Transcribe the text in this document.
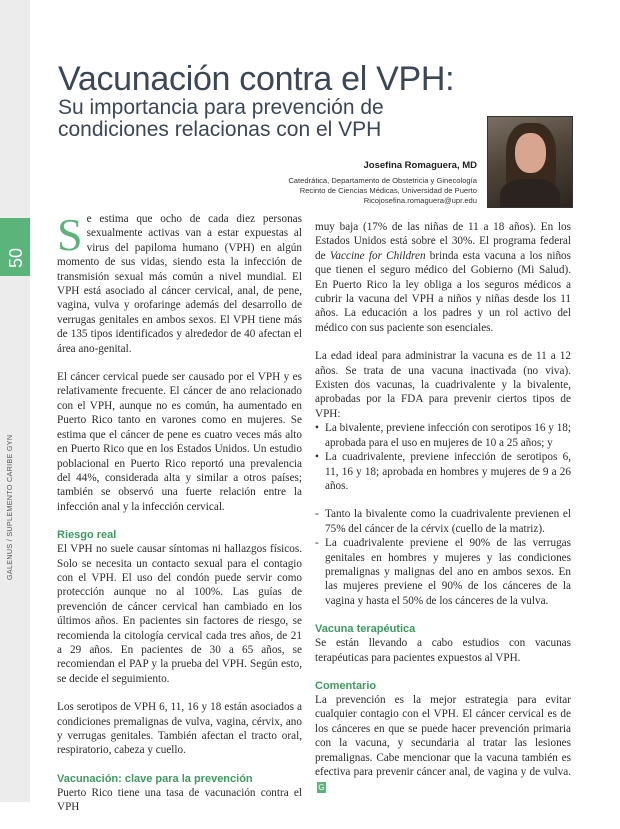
50
GALENUS / SUPLEMENTO CARIBE GYN
Vacunación contra el VPH:
Su importancia para prevención de condiciones relacionas con el VPH
Josefina Romaguera, MD
Catedrática, Departamento de Obstetricia y Ginecología
Recinto de Ciencias Médicas, Universidad de Puerto
Ricojosefina.romaguera@upr.edu

Se estima que ocho de cada diez personas sexualmente activas van a estar expuestas al virus del papiloma humano (VPH) en algún momento de sus vidas, siendo esta la infección de transmisión sexual más común a nivel mundial. El VPH está asociado al cáncer cervical, anal, de pene, vagina, vulva y orofaringe además del desarrollo de verrugas genitales en ambos sexos. El VPH tiene más de 135 tipos identificados y alrededor de 40 afectan el área ano-genital.

El cáncer cervical puede ser causado por el VPH y es relativamente frecuente. El cáncer de ano relacionado con el VPH, aunque no es común, ha aumentado en Puerto Rico tanto en varones como en mujeres. Se estima que el cáncer de pene es cuatro veces más alto en Puerto Rico que en los Estados Unidos. Un estudio poblacional en Puerto Rico reportó una prevalencia del 44%, considerada alta y similar a otros países; también se observó una fuerte relación entre la infección anal y la infección cervical.

Riesgo real

El VPH no suele causar síntomas ni hallazgos físicos. Solo se necesita un contacto sexual para el contagio con el VPH. El uso del condón puede servir como protección aunque no al 100%. Las guías de prevención de cáncer cervical han cambiado en los últimos años. En pacientes sin factores de riesgo, se recomienda la citología cervical cada tres años, de 21 a 29 años. En pacientes de 30 a 65 años, se recomiendan el PAP y la prueba del VPH. Según esto, se decide el seguimiento.

Los serotipos de VPH 6, 11, 16 y 18 están asociados a condiciones premalignas de vulva, vagina, cérvix, ano y verrugas genitales. También afectan el tracto oral, respiratorio, cabeza y cuello.

Vacunación: clave para la prevención

Puerto Rico tiene una tasa de vacunación contra el VPH

muy baja (17% de las niñas de 11 a 18 años). En los Estados Unidos está sobre el 30%. El programa federal de Vaccine for Children brinda esta vacuna a los niños que tienen el seguro médico del Gobierno (Mi Salud). En Puerto Rico la ley obliga a los seguros médicos a cubrir la vacuna del VPH a niños y niñas desde los 11 años. La educación a los padres y un rol activo del médico con sus paciente son esenciales.

La edad ideal para administrar la vacuna es de 11 a 12 años. Se trata de una vacuna inactivada (no viva). Existen dos vacunas, la cuadrivalente y la bivalente, aprobadas por la FDA para prevenir ciertos tipos de VPH:

• La bivalente, previene infección con serotipos 16 y 18; aprobada para el uso en mujeres de 10 a 25 años; y
• La cuadrivalente, previene infección de serotipos 6, 11, 16 y 18; aprobada en hombres y mujeres de 9 a 26 años.
- Tanto la bivalente como la cuadrivalente previenen el 75% del cáncer de la cérvix (cuello de la matriz).
- La cuadrivalente previene el 90% de las verrugas genitales en hombres y mujeres y las condiciones premalignas y malignas del ano en ambos sexos. En las mujeres previene el 90% de los cánceres de la vagina y hasta el 50% de los cánceres de la vulva.
Vacuna terapéutica

Se están llevando a cabo estudios con vacunas terapéuticas para pacientes expuestos al VPH.

Comentario

La prevención es la mejor estrategia para evitar cualquier contagio con el VPH. El cáncer cervical es de los cánceres en que se puede hacer prevención primaria con la vacuna, y secundaria al tratar las lesiones premalignas. Cabe mencionar que la vacuna también es efectiva para prevenir cáncer anal, de vagina y de vulva.G
